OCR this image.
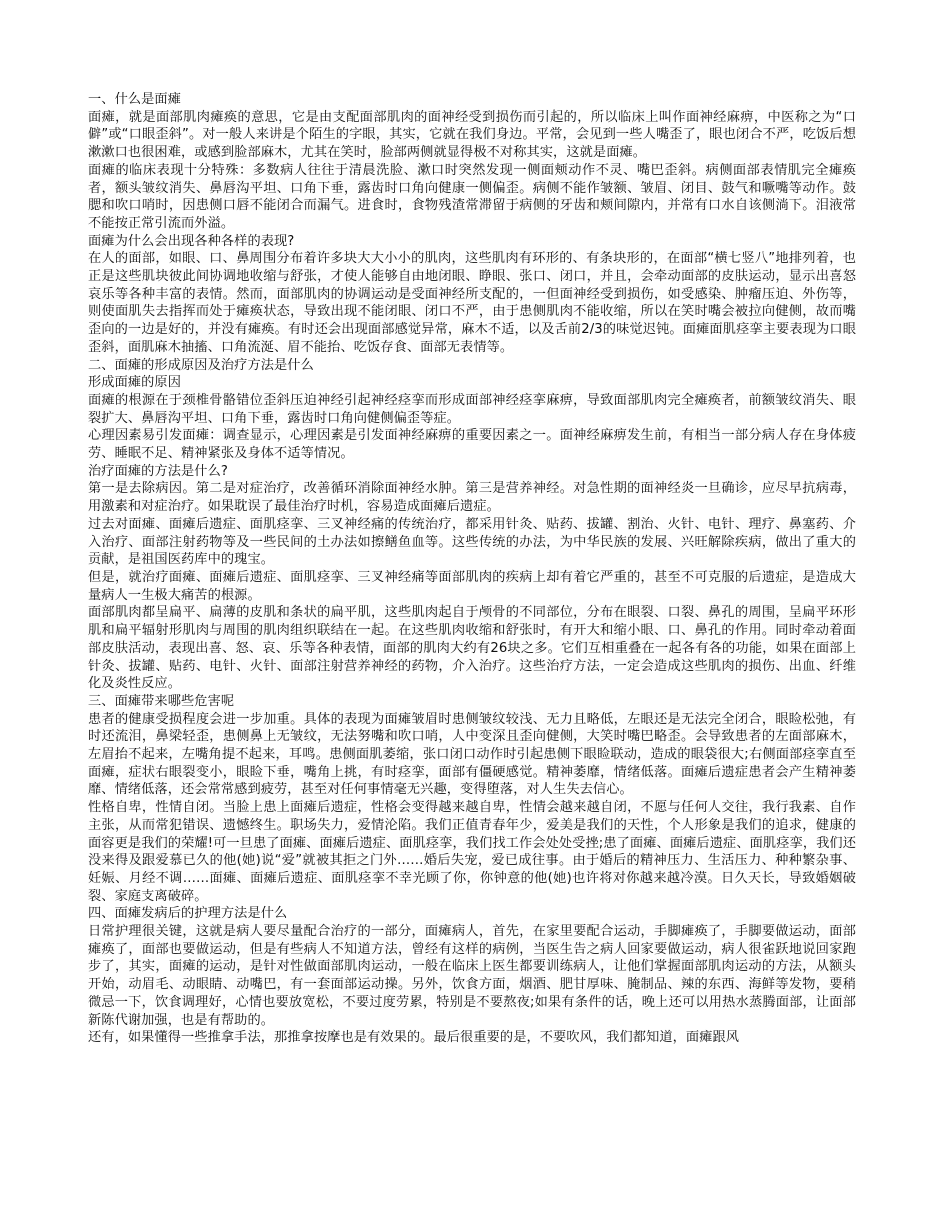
一、什么是面瘫

面瘫，就是面部肌肉瘫痪的意思，它是由支配面部肌肉的面神经受到损伤而引起的，所以临床上叫作面神经麻痹，中医称之为“口僻”或“口眼歪斜”。对一般人来讲是个陌生的字眼，其实，它就在我们身边。平常，会见到一些人嘴歪了，眼也闭合不严，吃饭后想漱漱口也很困难，或感到脸部麻木，尤其在笑时，脸部两侧就显得极不对称其实，这就是面瘫。

面瘫的临床表现十分特殊：多数病人往往于清晨洗脸、漱口时突然发现一侧面颊动作不灵、嘴巴歪斜。病侧面部表情肌完全瘫痪者，额头皱纹消失、鼻唇沟平坦、口角下垂，露齿时口角向健康一侧偏歪。病侧不能作皱额、皱眉、闭目、鼓气和噘嘴等动作。鼓腮和吹口哨时，因患侧口唇不能闭合而漏气。进食时，食物残渣常滞留于病侧的牙齿和颊间隙内，并常有口水自该侧淌下。泪液常不能按正常引流而外溢。

面瘫为什么会出现各种各样的表现?

在人的面部，如眼、口、鼻周围分布着许多块大大小小的肌肉，这些肌肉有环形的、有条块形的，在面部“横七竖八”地排列着，也正是这些肌块彼此间协调地收缩与舒张，才使人能够自由地闭眼、睁眼、张口、闭口，并且，会牵动面部的皮肤运动，显示出喜怒哀乐等各种丰富的表情。然而，面部肌肉的协调运动是受面神经所支配的，一但面神经受到损伤，如受感染、肿瘤压迫、外伤等，则使面肌失去指挥而处于瘫痪状态，导致出现不能闭眼、闭口不严，由于患侧肌肉不能收缩，所以在笑时嘴会被拉向健侧，故而嘴歪向的一边是好的，并没有瘫痪。有时还会出现面部感觉异常，麻木不适，以及舌前2/3的味觉迟钝。面瘫面肌痉挛主要表现为口眼歪斜，面肌麻木抽搐、口角流涎、眉不能抬、吃饭存食、面部无表情等。

二、面瘫的形成原因及治疗方法是什么

形成面瘫的原因

面瘫的根源在于颈椎骨骼错位歪斜压迫神经引起神经痉挛而形成面部神经痉挛麻痹，导致面部肌肉完全瘫痪者，前额皱纹消失、眼裂扩大、鼻唇沟平坦、口角下垂，露齿时口角向健侧偏歪等症。

心理因素易引发面瘫：调查显示，心理因素是引发面神经麻痹的重要因素之一。面神经麻痹发生前，有相当一部分病人存在身体疲劳、睡眠不足、精神紧张及身体不适等情况。

治疗面瘫的方法是什么?

第一是去除病因。第二是对症治疗，改善循环消除面神经水肿。第三是营养神经。对急性期的面神经炎一旦确诊，应尽早抗病毒，用激素和对症治疗。如果耽误了最佳治疗时机，容易造成面瘫后遗症。

过去对面瘫、面瘫后遗症、面肌痉挛、三叉神经痛的传统治疗，都采用针灸、贴药、拔罐、割治、火针、电针、理疗、鼻塞药、介入治疗、面部注射药物等及一些民间的土办法如擦鳝鱼血等。这些传统的办法，为中华民族的发展、兴旺解除疾病，做出了重大的贡献，是祖国医药库中的瑰宝。

但是，就治疗面瘫、面瘫后遗症、面肌痉挛、三叉神经痛等面部肌肉的疾病上却有着它严重的，甚至不可克服的后遗症，是造成大量病人一生极大痛苦的根源。

面部肌肉都呈扁平、扁薄的皮肌和条状的扁平肌，这些肌肉起自于颅骨的不同部位，分布在眼裂、口裂、鼻孔的周围，呈扁平环形肌和扁平辐射形肌肉与周围的肌肉组织联结在一起。在这些肌肉收缩和舒张时，有开大和缩小眼、口、鼻孔的作用。同时牵动着面部皮肤活动，表现出喜、怒、哀、乐等各种表情，面部的肌肉大约有26块之多。它们互相重叠在一起各有各的功能，如果在面部上针灸、拔罐、贴药、电针、火针、面部注射营养神经的药物，介入治疗。这些治疗方法，一定会造成这些肌肉的损伤、出血、纤维化及炎性反应。

三、面瘫带来哪些危害呢

患者的健康受损程度会进一步加重。具体的表现为面瘫皱眉时患侧皱纹较浅、无力且略低，左眼还是无法完全闭合，眼睑松弛，有时还流泪，鼻梁轻歪，患侧鼻上无皱纹，无法努嘴和吹口哨，人中变深且歪向健侧，大笑时嘴巴略歪。会导致患者的左面部麻木，左眉抬不起来，左嘴角提不起来，耳鸣。患侧面肌萎缩，张口闭口动作时引起患侧下眼睑联动，造成的眼袋很大;右侧面部痉挛直至面瘫，症状右眼裂变小，眼睑下垂，嘴角上挑，有时痉挛，面部有僵硬感觉。精神萎靡，情绪低落。面瘫后遗症患者会产生精神萎靡、情绪低落，还会常常感到疲劳，甚至对任何事情毫无兴趣，变得堕落，对人生失去信心。

性格自卑，性情自闭。当脸上患上面瘫后遗症，性格会变得越来越自卑，性情会越来越自闭，不愿与任何人交往，我行我素、自作主张，从而常犯错误、遗憾终生。职场失力，爱情沦陷。我们正值青春年少，爱美是我们的天性，个人形象是我们的追求，健康的面容更是我们的荣耀!可一旦患了面瘫、面瘫后遗症、面肌痉挛，我们找工作会处处受挫;患了面瘫、面瘫后遗症、面肌痉挛，我们还没来得及跟爱慕已久的他(她)说“爱”就被其拒之门外……婚后失宠，爱已成往事。由于婚后的精神压力、生活压力、种种繁杂事、妊娠、月经不调……面瘫、面瘫后遗症、面肌痉挛不幸光顾了你，你钟意的他(她)也许将对你越来越冷漠。日久天长，导致婚姻破裂、家庭支离破碎。

四、面瘫发病后的护理方法是什么

日常护理很关键，这就是病人要尽量配合治疗的一部分，面瘫病人，首先，在家里要配合运动，手脚瘫痪了，手脚要做运动，面部瘫痪了，面部也要做运动，但是有些病人不知道方法，曾经有这样的病例，当医生告之病人回家要做运动，病人很雀跃地说回家跑步了，其实，面瘫的运动，是针对性做面部肌肉运动，一般在临床上医生都要训练病人，让他们掌握面部肌肉运动的方法，从额头开始，动眉毛、动眼睛、动嘴巴，有一套面部运动操。另外，饮食方面，烟酒、肥甘厚味、腌制品、辣的东西、海鲜等发物，要稍微忌一下，饮食调理好，心情也要放宽松，不要过度劳累，特别是不要熬夜;如果有条件的话，晚上还可以用热水蒸腾面部，让面部新陈代谢加强，也是有帮助的。

还有，如果懂得一些推拿手法，那推拿按摩也是有效果的。最后很重要的是，不要吹风，我们都知道，面瘫跟风
